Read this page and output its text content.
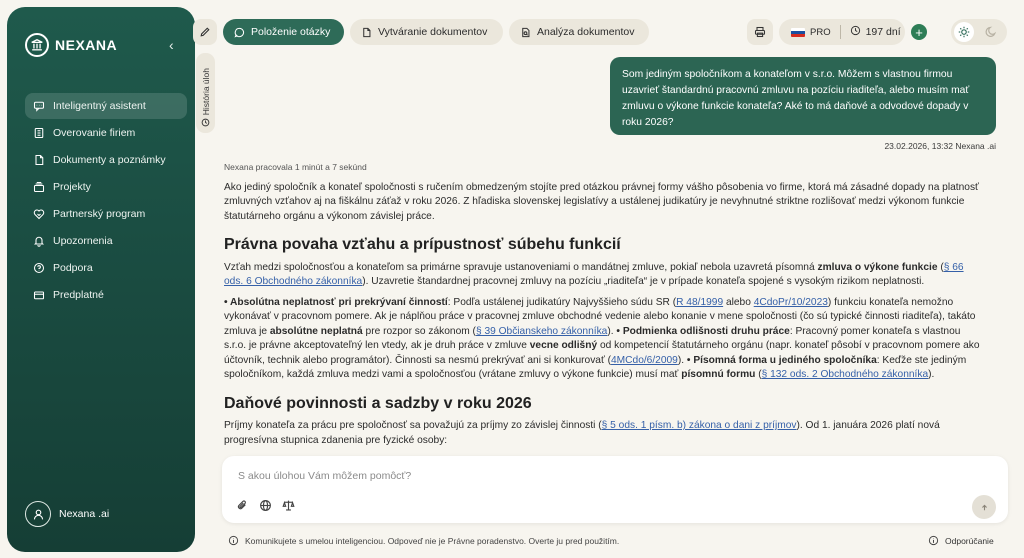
NEXANA	‹
Inteligentný asistent
Overovanie firiem
Dokumenty a poznámky
Projekty
Partnerský program
Upozornenia
Podpora
Predplatné
Nexana .ai
Položenie otázky	Vytváranie dokumentov	Analýza dokumentov	PRO	197 dní	+
História úloh	Som jediným spoločníkom a konateľom v s.r.o. Môžem s vlastnou firmou uzavrieť štandardnú pracovnú zmluvu na pozíciu riaditeľa, alebo musím mať zmluvu o výkone funkcie konateľa? Aké to má daňové a odvodové dopady v roku 2026?
23.02.2026, 13:32 Nexana .ai
Nexana pracovala 1 minút a 7 sekúnd

Ako jediný spoločník a konateľ spoločnosti s ručením obmedzeným stojíte pred otázkou právnej formy vášho pôsobenia vo firme, ktorá má zásadné dopady na platnosť zmluvných vzťahov aj na fiškálnu záťaž v roku 2026. Z hľadiska slovenskej legislatívy a ustálenej judikatúry je nevyhnutné striktne rozlišovať medzi výkonom funkcie štatutárneho orgánu a výkonom závislej práce.

Právna povaha vzťahu a prípustnosť súbehu funkcií

Vzťah medzi spoločnosťou a konateľom sa primárne spravuje ustanoveniami o mandátnej zmluve, pokiaľ nebola uzavretá písomná zmluva o výkone funkcie (§ 66 ods. 6 Obchodného zákonníka). Uzavretie štandardnej pracovnej zmluvy na pozíciu „riaditeľa“ je v prípade konateľa spojené s vysokým rizikom neplatnosti.

• Absolútna neplatnosť pri prekrývaní činností: Podľa ustálenej judikatúry Najvyššieho súdu SR (R 48/1999 alebo 4CdoPr/10/2023) funkciu konateľa nemožno vykonávať v pracovnom pomere. Ak je náplňou práce v pracovnej zmluve obchodné vedenie alebo konanie v mene spoločnosti (čo sú typické činnosti riaditeľa), takáto zmluva je absolútne neplatná pre rozpor so zákonom (§ 39 Občianskeho zákonníka). • Podmienka odlišnosti druhu práce: Pracovný pomer konateľa s vlastnou s.r.o. je právne akceptovateľný len vtedy, ak je druh práce v zmluve vecne odlišný od kompetencií štatutárneho orgánu (napr. konateľ pôsobí v pracovnom pomere ako účtovník, technik alebo programátor). Činnosti sa nesmú prekrývať ani si konkurovať (4MCdo/6/2009). • Písomná forma u jediného spoločníka: Keďže ste jediným spoločníkom, každá zmluva medzi vami a spoločnosťou (vrátane zmluvy o výkone funkcie) musí mať písomnú formu (§ 132 ods. 2 Obchodného zákonníka).

Daňové povinnosti a sadzby v roku 2026

Príjmy konateľa za prácu pre spoločnosť sa považujú za príjmy zo závislej činnosti (§ 5 ods. 1 písm. b) zákona o dani z príjmov). Od 1. januára 2026 platí nová progresívna stupnica zdanenia pre fyzické osoby:

S akou úlohou Vám môžem pomôcť?
Komunikujete s umelou inteligenciou. Odpoveď nie je Právne poradenstvo. Overte ju pred použitím.	Odporúčanie
